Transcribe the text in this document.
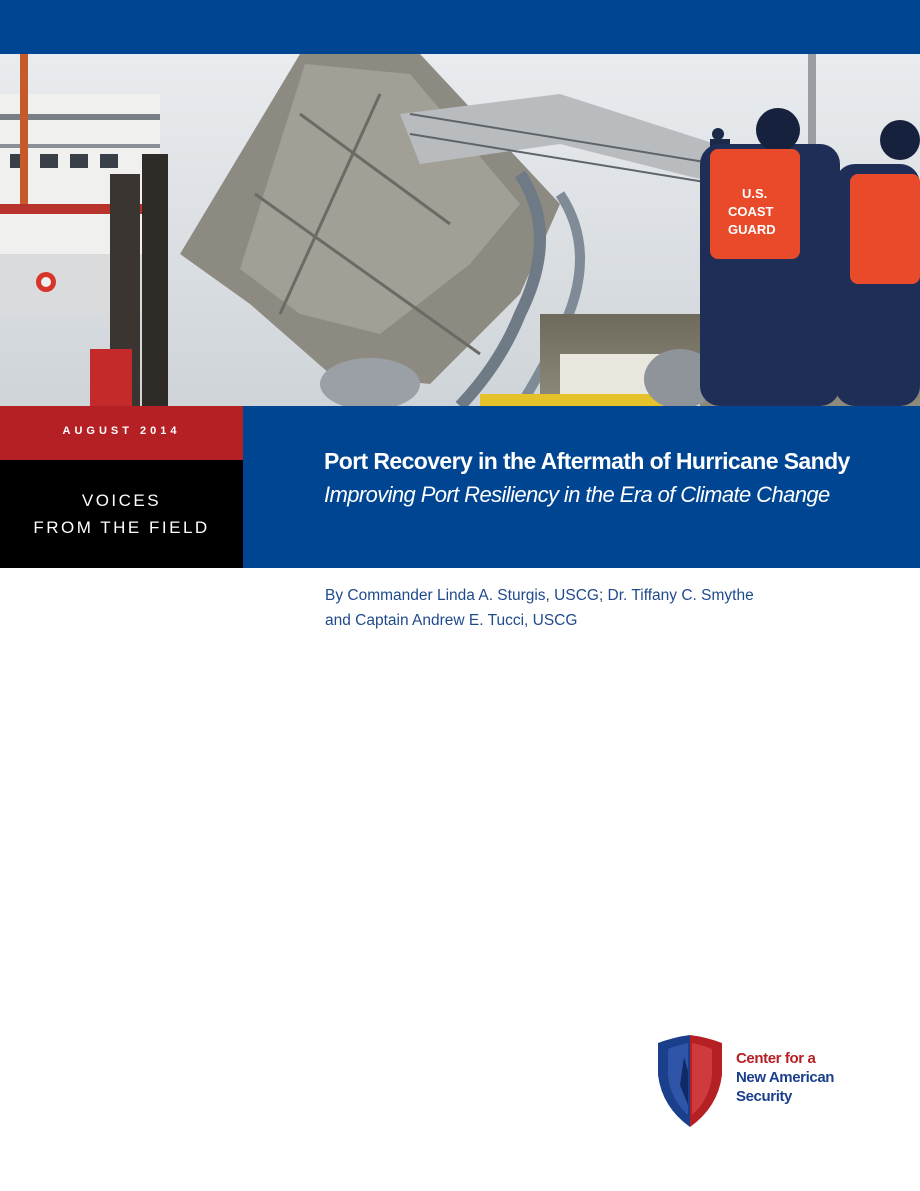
U.S.
COAST
GUARD
AUGUST 2014
VOICES
FROM THE FIELD
Port Recovery in the Aftermath of Hurricane Sandy
Improving Port Resiliency in the Era of Climate Change
By Commander Linda A. Sturgis, USCG; Dr. Tiffany C. Smythe
and Captain Andrew E. Tucci, USCG
Center for a
New American
Security
